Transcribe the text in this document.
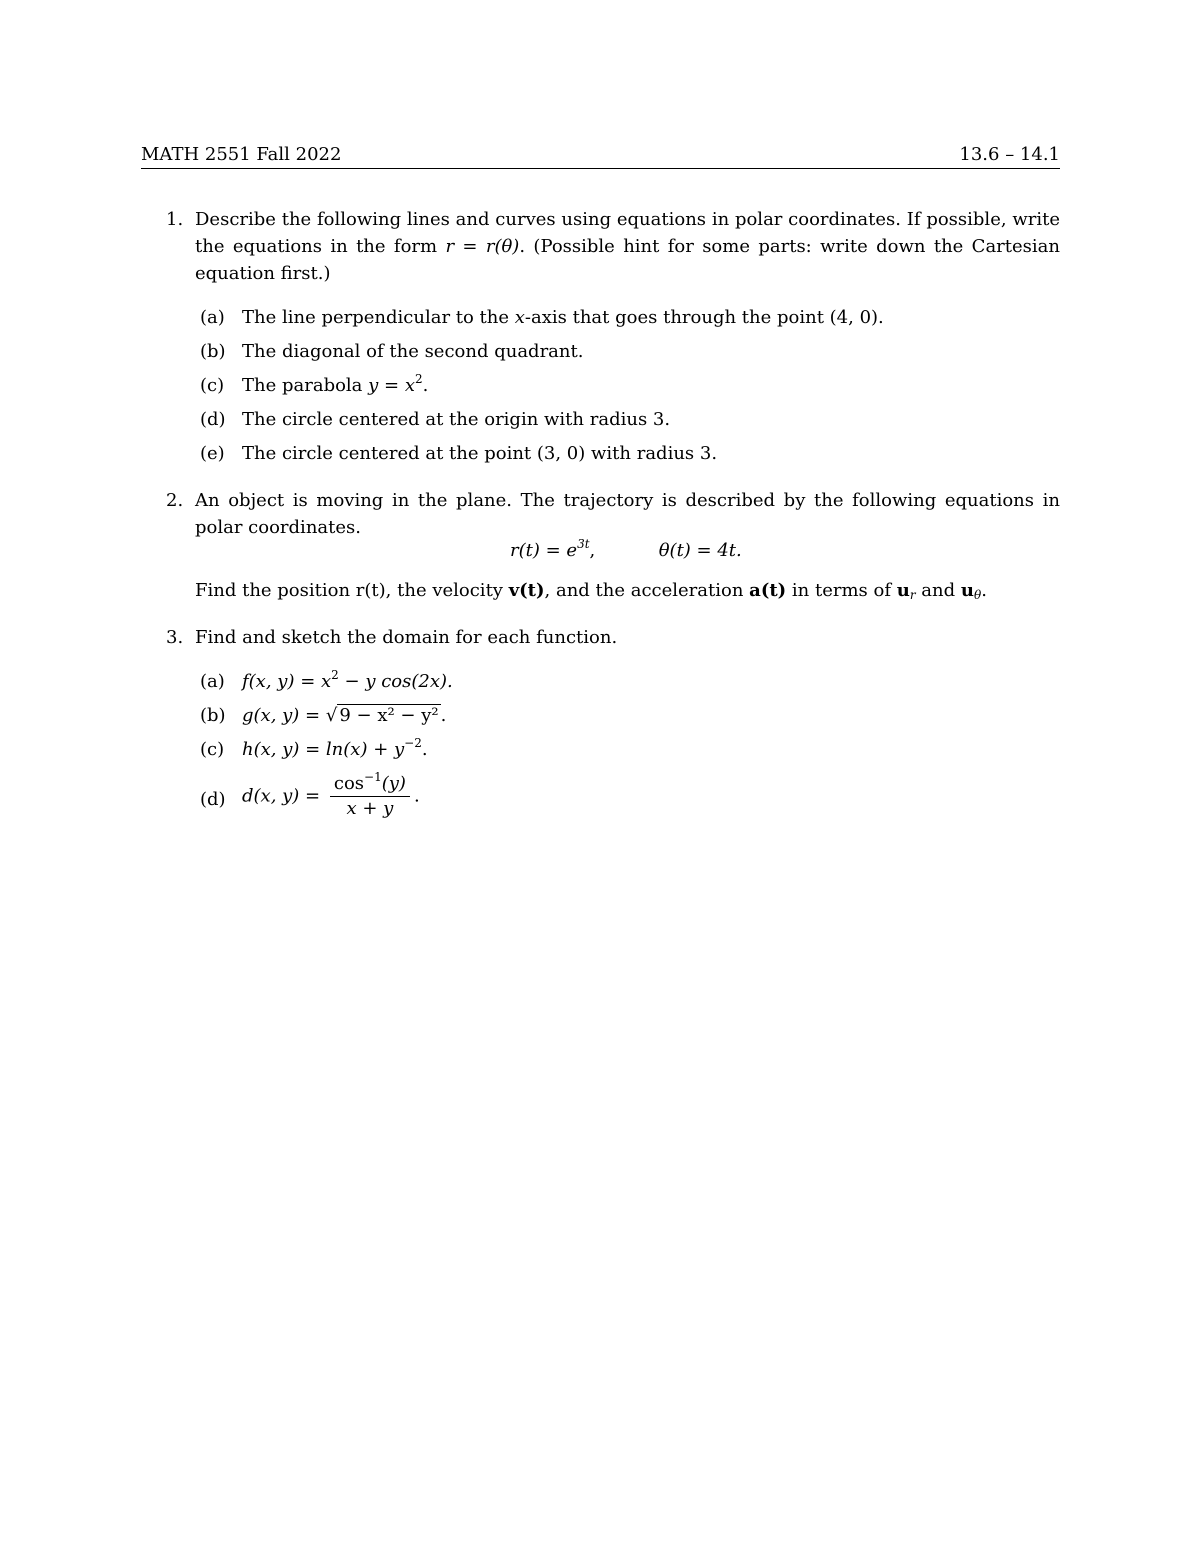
MATH 2551 Fall 2022	13.6 – 14.1
1. Describe the following lines and curves using equations in polar coordinates. If possible, write the equations in the form r = r(θ). (Possible hint for some parts: write down the Cartesian equation first.)
(a) The line perpendicular to the x-axis that goes through the point (4, 0).
(b) The diagonal of the second quadrant.
(c) The parabola $y = x^2$.
(d) The circle centered at the origin with radius 3.
(e) The circle centered at the point (3, 0) with radius 3.
2. An object is moving in the plane. The trajectory is described by the following equations in polar coordinates.
$r(t) = e^{3t}$,	θ(t) = 4t.
Find the position r(t), the velocity v(t), and the acceleration a(t) in terms of $u_r$ and $u_\theta$.
3. Find and sketch the domain for each function.
(a) f(x, $y) = x^2 - y$ cos(2x).
(b) g(x, y) = √ 9 − x² − y² .
(c) h(x, $y) = \ln(x) + y^{-2}$.
(d) d(x, $y) = \frac{\cos^{-1}(y)}{x + y}$ .
